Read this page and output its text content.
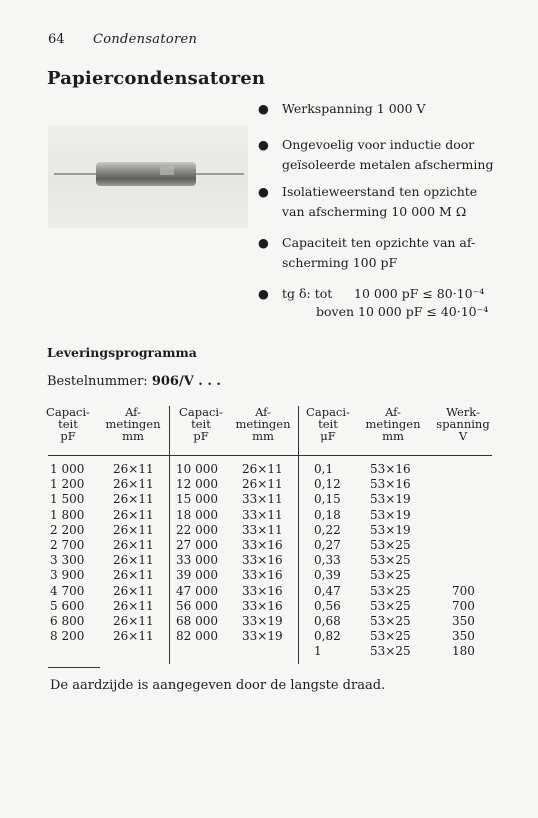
64 Condensatoren
Papiercondensatoren
● Werkspanning 1 000 V
● Ongevoelig voor inductie door
geïsoleerde metalen afscherming
● Isolatieweerstand ten opzichte
van afscherming 10 000 M Ω
● Capaciteit ten opzichte van af-
scherming 100 pF
● tg δ: tot 10 000 pF ≤ 80·10⁻⁴
boven 10 000 pF ≤ 40·10⁻⁴
Leveringsprogramma
Bestelnummer: 906/V . . .
Capaci-
teit
pF
Af-
metingen
mm
Capaci-
teit
pF
Af-
metingen
mm
Capaci-
teit
μF
Af-
metingen
mm
Werk-
spanning
V
1 000
1 200
1 500
1 800
2 200
2 700
3 300
3 900
4 700
5 600
6 800
8 200
26×11
26×11
26×11
26×11
26×11
26×11
26×11
26×11
26×11
26×11
26×11
26×11
10 000
12 000
15 000
18 000
22 000
27 000
33 000
39 000
47 000
56 000
68 000
82 000
26×11
26×11
33×11
33×11
33×11
33×16
33×16
33×16
33×16
33×16
33×19
33×19
0,1
0,12
0,15
0,18
0,22
0,27
0,33
0,39
0,47
0,56
0,68
0,82
1
53×16
53×16
53×19
53×19
53×19
53×25
53×25
53×25
53×25
53×25
53×25
53×25
53×25

700
700
350
350
180
De aardzijde is aangegeven door de langste draad.
